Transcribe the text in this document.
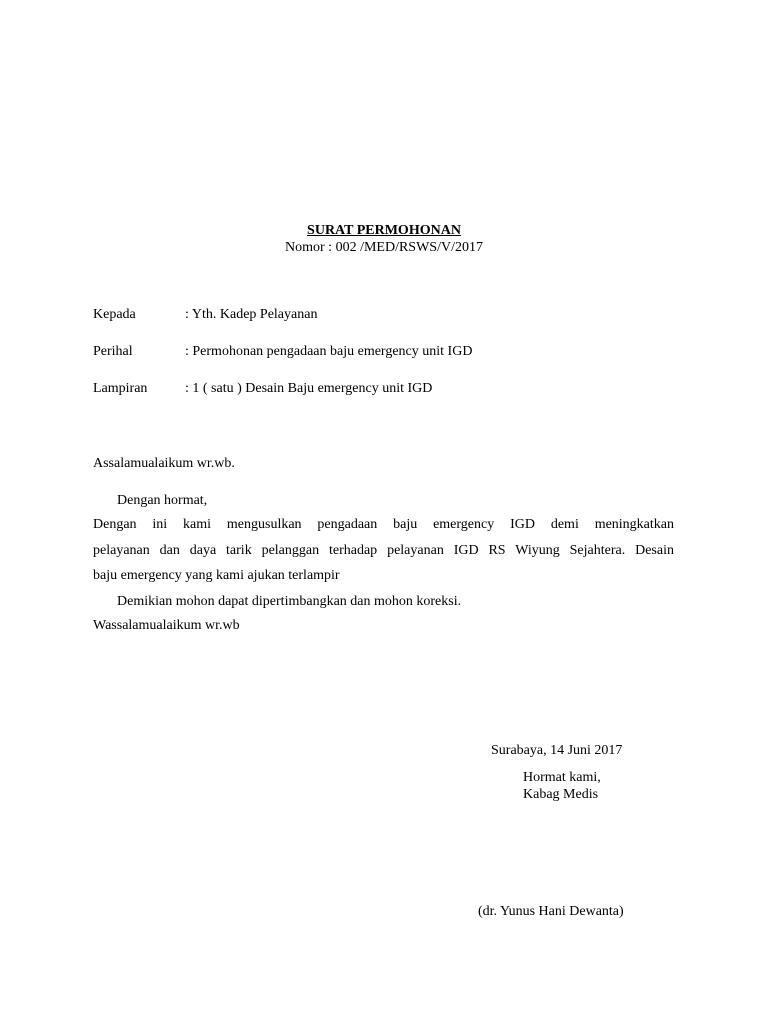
SURAT PERMOHONAN
Nomor : 002 /MED/RSWS/V/2017
Kepada	: Yth. Kadep Pelayanan
Perihal	: Permohonan pengadaan baju emergency unit IGD
Lampiran	: 1 ( satu ) Desain Baju emergency unit IGD
Assalamualaikum wr.wb.
Dengan hormat,
Dengan ini kami mengusulkan pengadaan baju emergency IGD demi meningkatkan
pelayanan dan daya tarik pelanggan terhadap pelayanan IGD RS Wiyung Sejahtera. Desain
baju emergency yang kami ajukan terlampir
Demikian mohon dapat dipertimbangkan dan mohon koreksi.
Wassalamualaikum wr.wb
Surabaya, 14 Juni 2017
Hormat kami,
Kabag Medis
(dr. Yunus Hani Dewanta)
